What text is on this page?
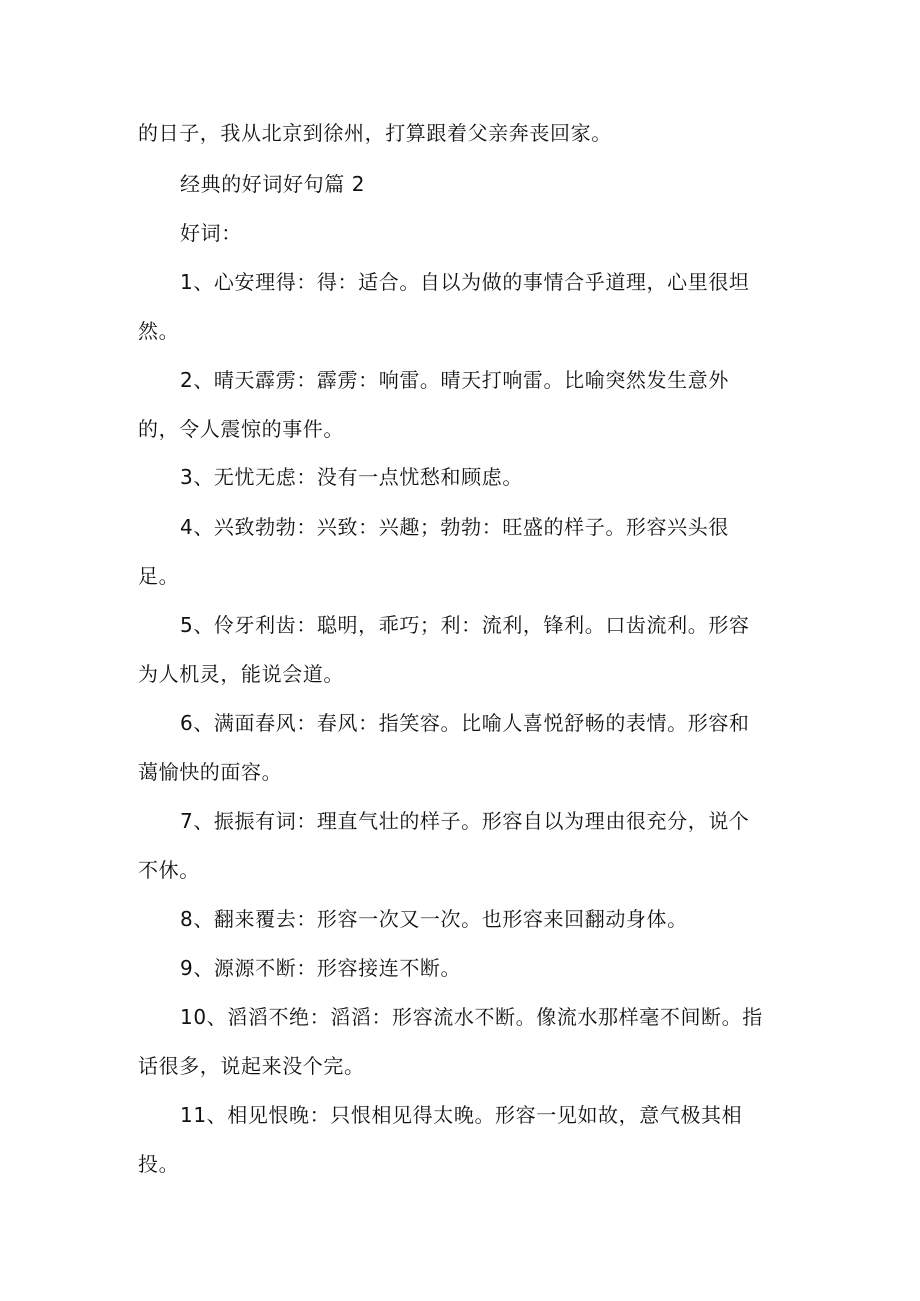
的日子，我从北京到徐州，打算跟着父亲奔丧回家。
经典的好词好句篇 2
好词：
1、心安理得：得：适合。自以为做的事情合乎道理，心里很坦
然。
2、晴天霹雳：霹雳：响雷。晴天打响雷。比喻突然发生意外
的，令人震惊的事件。
3、无忧无虑：没有一点忧愁和顾虑。
4、兴致勃勃：兴致：兴趣；勃勃：旺盛的样子。形容兴头很
足。
5、伶牙利齿：聪明，乖巧；利：流利，锋利。口齿流利。形容
为人机灵，能说会道。
6、满面春风：春风：指笑容。比喻人喜悦舒畅的表情。形容和
蔼愉快的面容。
7、振振有词：理直气壮的样子。形容自以为理由很充分，说个
不休。
8、翻来覆去：形容一次又一次。也形容来回翻动身体。
9、源源不断：形容接连不断。
10、滔滔不绝：滔滔：形容流水不断。像流水那样毫不间断。指
话很多，说起来没个完。
11、相见恨晚：只恨相见得太晚。形容一见如故，意气极其相
投。
